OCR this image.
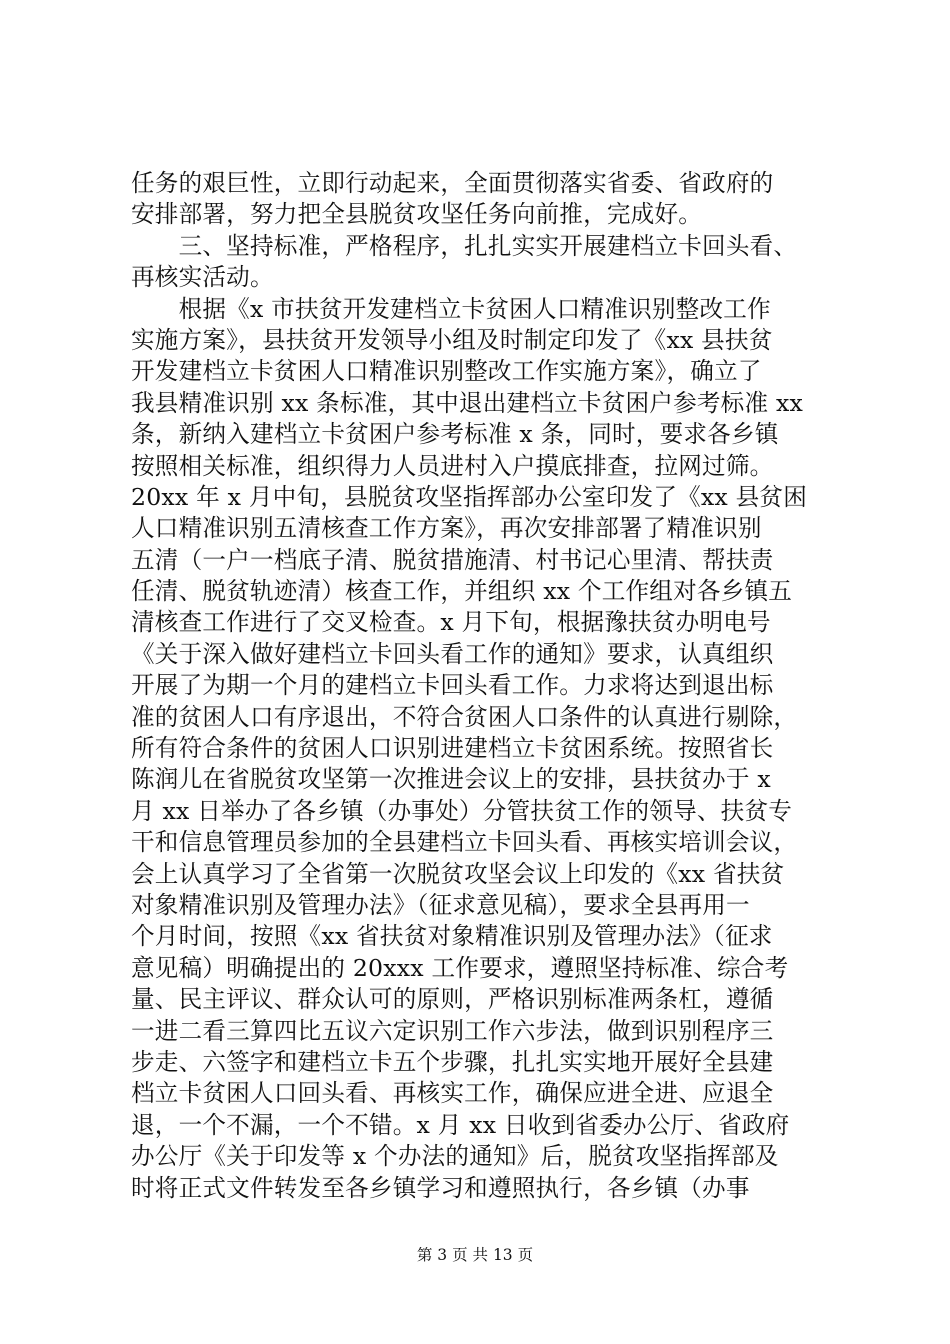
任务的艰巨性，立即行动起来，全面贯彻落实省委、省政府的
安排部署，努力把全县脱贫攻坚任务向前推，完成好。
　　三、坚持标准，严格程序，扎扎实实开展建档立卡回头看、
再核实活动。
　　根据《x 市扶贫开发建档立卡贫困人口精准识别整改工作
实施方案》，县扶贫开发领导小组及时制定印发了《xx 县扶贫
开发建档立卡贫困人口精准识别整改工作实施方案》，确立了
我县精准识别 xx 条标准，其中退出建档立卡贫困户参考标准 xx
条，新纳入建档立卡贫困户参考标准 x 条，同时，要求各乡镇
按照相关标准，组织得力人员进村入户摸底排查，拉网过筛。
20xx 年 x 月中旬，县脱贫攻坚指挥部办公室印发了《xx 县贫困
人口精准识别五清核查工作方案》，再次安排部署了精准识别
五清（一户一档底子清、脱贫措施清、村书记心里清、帮扶责
任清、脱贫轨迹清）核查工作，并组织 xx 个工作组对各乡镇五
清核查工作进行了交叉检查。x 月下旬，根据豫扶贫办明电号
《关于深入做好建档立卡回头看工作的通知》要求，认真组织
开展了为期一个月的建档立卡回头看工作。力求将达到退出标
准的贫困人口有序退出，不符合贫困人口条件的认真进行剔除，
所有符合条件的贫困人口识别进建档立卡贫困系统。按照省长
陈润儿在省脱贫攻坚第一次推进会议上的安排，县扶贫办于 x
月 xx 日举办了各乡镇（办事处）分管扶贫工作的领导、扶贫专
干和信息管理员参加的全县建档立卡回头看、再核实培训会议，
会上认真学习了全省第一次脱贫攻坚会议上印发的《xx 省扶贫
对象精准识别及管理办法》（征求意见稿），要求全县再用一
个月时间，按照《xx 省扶贫对象精准识别及管理办法》（征求
意见稿）明确提出的 20xxx 工作要求，遵照坚持标准、综合考
量、民主评议、群众认可的原则，严格识别标准两条杠，遵循
一进二看三算四比五议六定识别工作六步法，做到识别程序三
步走、六签字和建档立卡五个步骤，扎扎实实地开展好全县建
档立卡贫困人口回头看、再核实工作，确保应进全进、应退全
退，一个不漏，一个不错。x 月 xx 日收到省委办公厅、省政府
办公厅《关于印发等 x 个办法的通知》后，脱贫攻坚指挥部及
时将正式文件转发至各乡镇学习和遵照执行，各乡镇（办事
第 3 页 共 13 页
